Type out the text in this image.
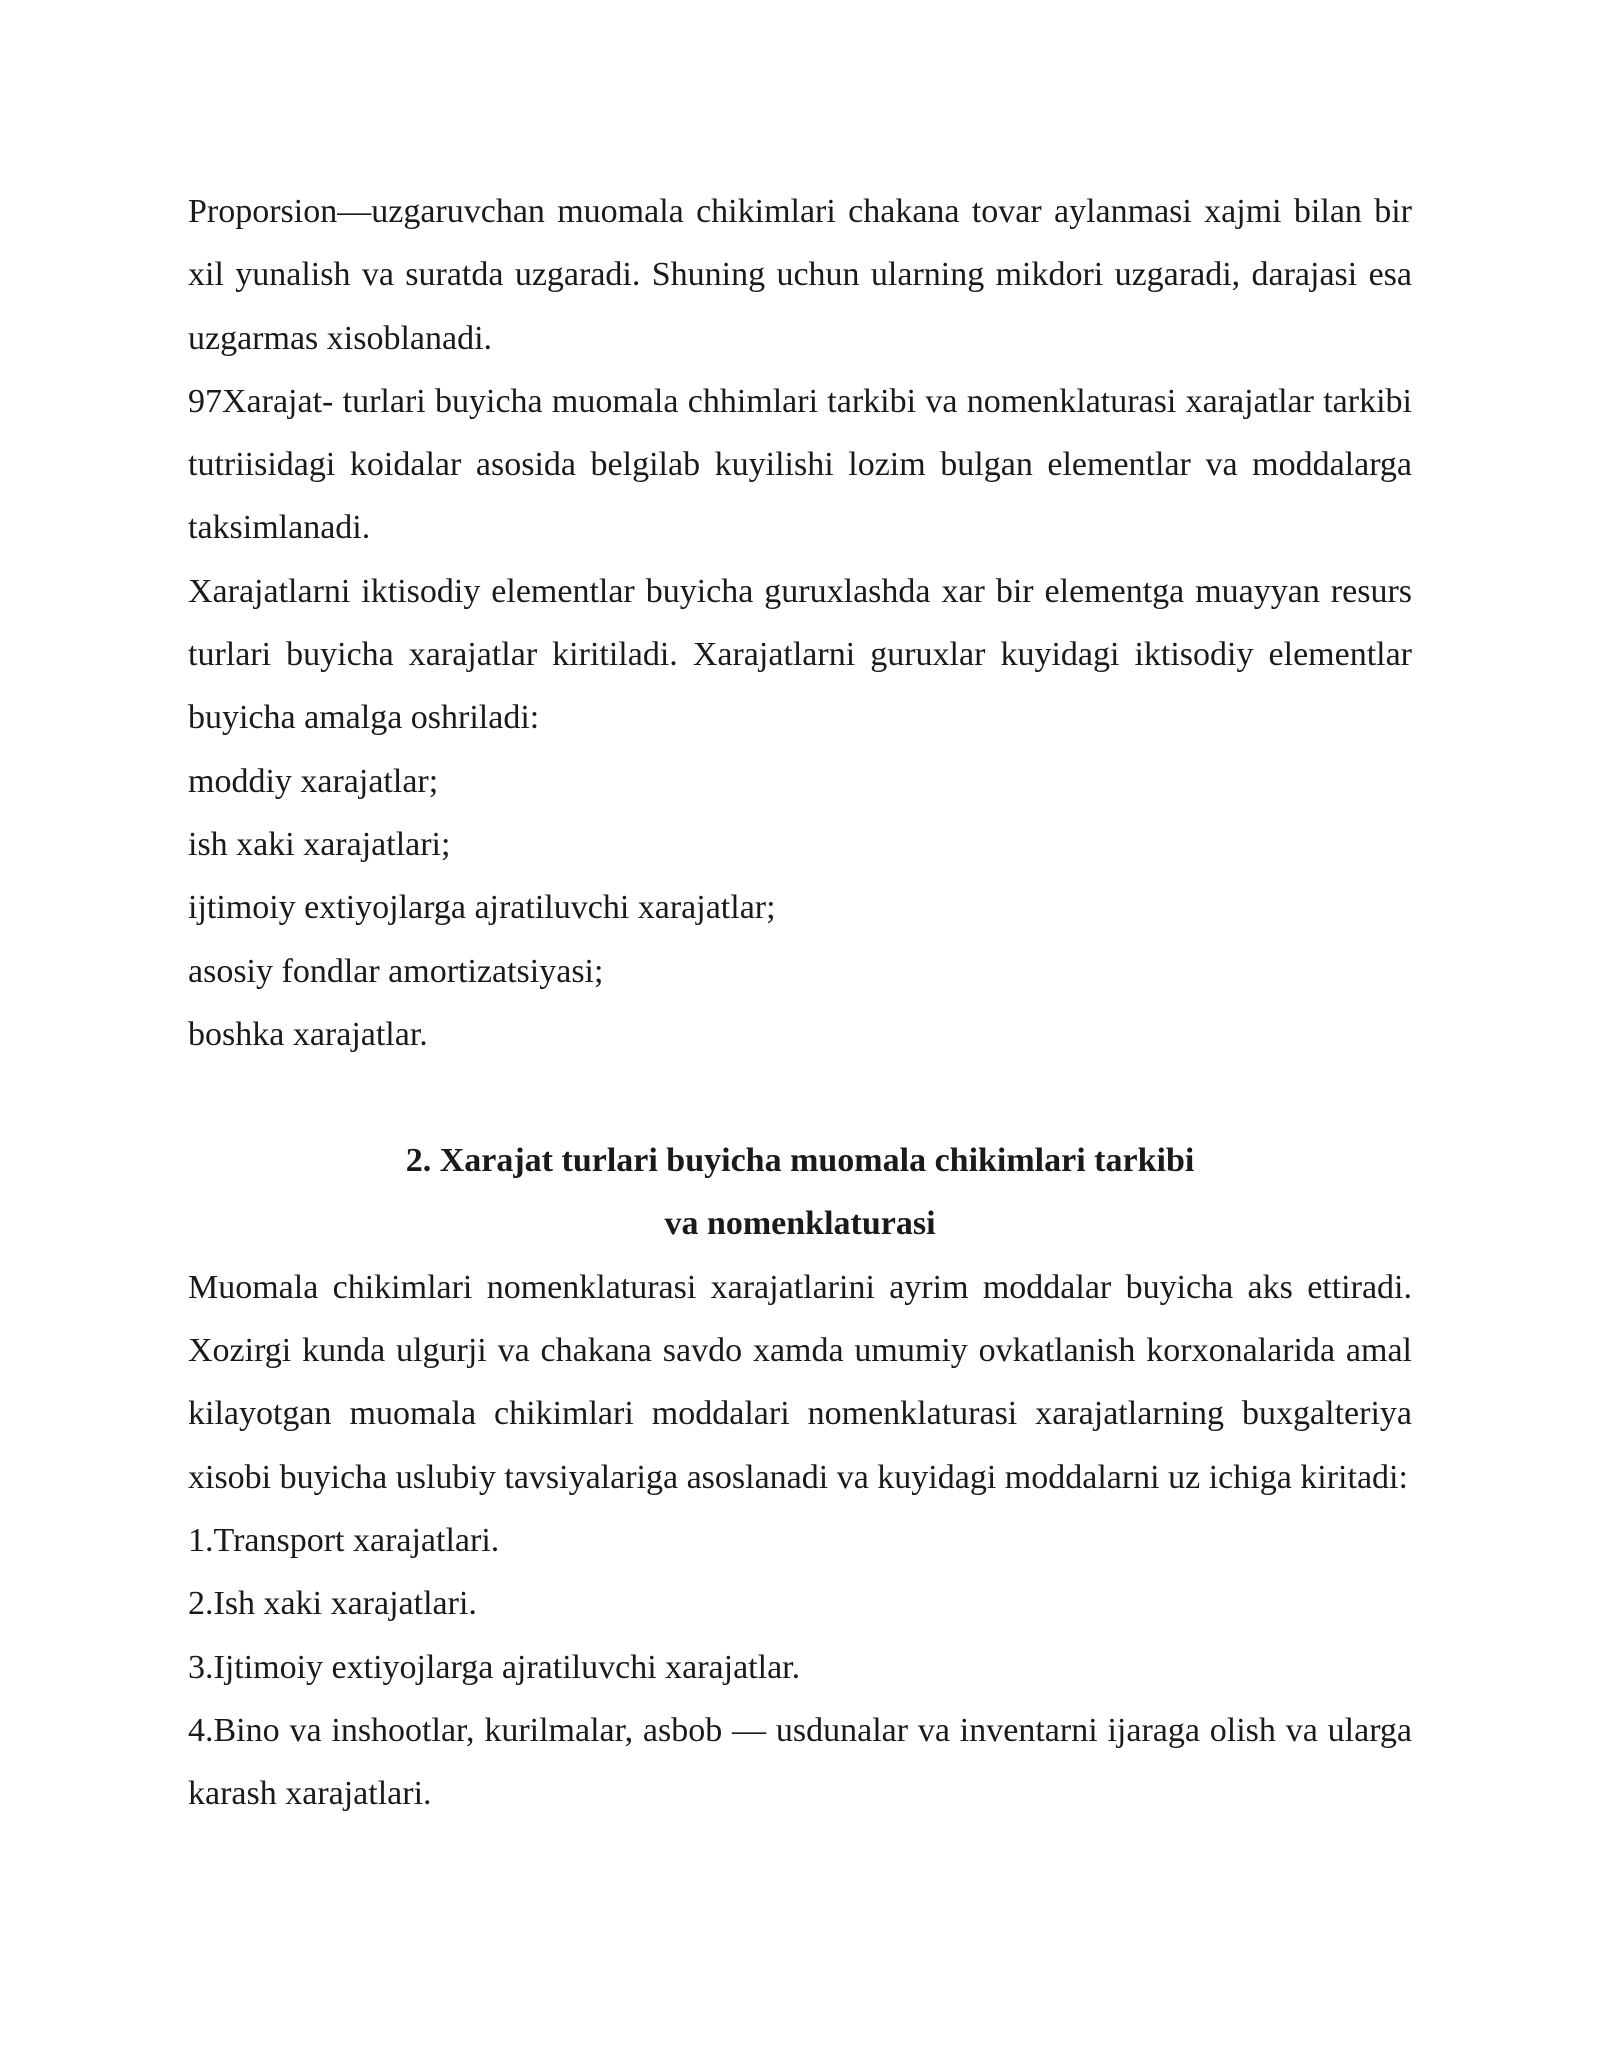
Proporsion—uzgaruvchan muomala chikimlari chakana tovar aylanmasi xajmi bilan bir xil yunalish va suratda uzgaradi. Shuning uchun ularning mikdori uzgaradi, darajasi esa uzgarmas xisoblanadi.

97Xarajat- turlari buyicha muomala chhimlari tarkibi va nomenklaturasi xarajatlar tarkibi tutriisidagi koidalar asosida belgilab kuyilishi lozim bulgan elementlar va moddalarga taksimlanadi.

Xarajatlarni iktisodiy elementlar buyicha guruxlashda xar bir elementga muayyan resurs turlari buyicha xarajatlar kiritiladi. Xarajatlarni guruxlar kuyidagi iktisodiy elementlar buyicha amalga oshriladi:

moddiy xarajatlar;

ish xaki xarajatlari;

ijtimoiy extiyojlarga ajratiluvchi xarajatlar;

asosiy fondlar amortizatsiyasi;

boshka xarajatlar.

2. Xarajat turlari buyicha muomala chikimlari tarkibi

va nomenklaturasi

Muomala chikimlari nomenklaturasi xarajatlarini ayrim moddalar buyicha aks ettiradi. Xozirgi kunda ulgurji va chakana savdo xamda umumiy ovkatlanish korxonalarida amal kilayotgan muomala chikimlari moddalari nomenklaturasi xarajatlarning buxgalteriya xisobi buyicha uslubiy tavsiyalariga asoslanadi va kuyidagi moddalarni uz ichiga kiritadi:

1.Transport xarajatlari.

2.Ish xaki xarajatlari.

3.Ijtimoiy extiyojlarga ajratiluvchi xarajatlar.

4.Bino va inshootlar, kurilmalar, asbob — usdunalar va inventarni ijaraga olish va ulargа karash xarajatlari.
